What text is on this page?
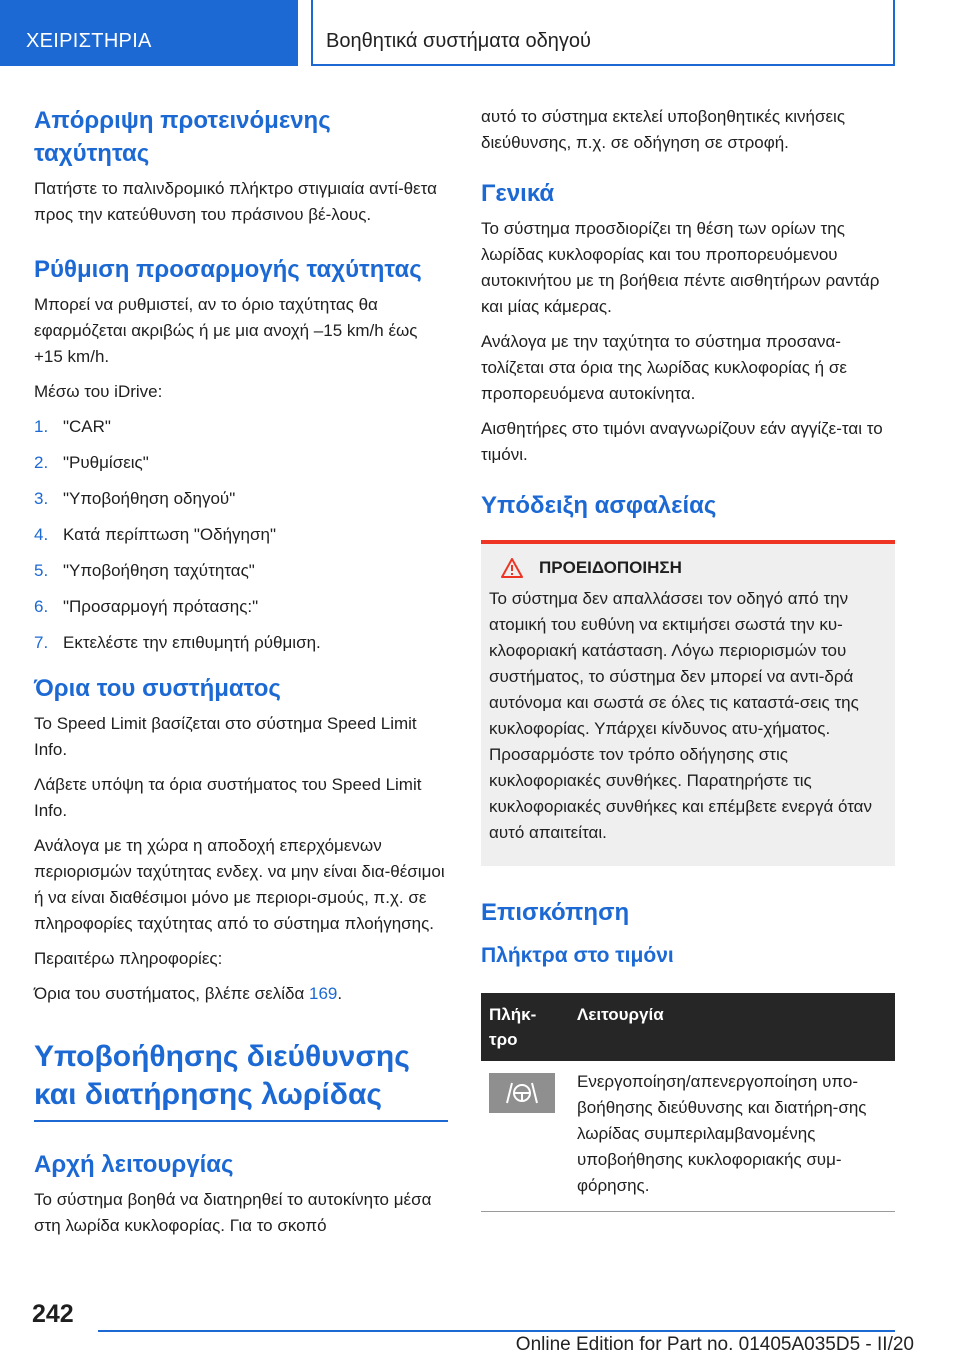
ΧΕΙΡΙΣΤΗΡΙΑ	Βοηθητικά συστήματα οδηγού
Απόρριψη προτεινόμενης ταχύτητας

Πατήστε το παλινδρομικό πλήκτρο στιγμιαία αντί-θετα προς την κατεύθυνση του πράσινου βέ-λους.

Ρύθμιση προσαρμογής ταχύτητας

Μπορεί να ρυθμιστεί, αν το όριο ταχύτητας θα εφαρμόζεται ακριβώς ή με μια ανοχή –15 km/h έως +15 km/h.

Μέσω του iDrive:

1. "CAR"
2. "Ρυθμίσεις"
3. "Υποβοήθηση οδηγού"
4. Κατά περίπτωση "Οδήγηση"
5. "Υποβοήθηση ταχύτητας"
6. "Προσαρμογή πρότασης:"
7. Εκτελέστε την επιθυμητή ρύθμιση.
Όρια του συστήματος

Το Speed Limit βασίζεται στο σύστημα Speed Limit Info.

Λάβετε υπόψη τα όρια συστήματος του Speed Limit Info.

Ανάλογα με τη χώρα η αποδοχή επερχόμενων περιορισμών ταχύτητας ενδεχ. να μην είναι δια-θέσιμοι ή να είναι διαθέσιμοι μόνο με περιορι-σμούς, π.χ. σε πληροφορίες ταχύτητας από το σύστημα πλοήγησης.

Περαιτέρω πληροφορίες:

Όρια του συστήματος, βλέπε σελίδα 169.

Υποβοήθησης διεύθυνσης και διατήρησης λωρίδας
Αρχή λειτουργίας

Το σύστημα βοηθά να διατηρηθεί το αυτοκίνητο μέσα στη λωρίδα κυκλοφορίας. Για το σκοπό

αυτό το σύστημα εκτελεί υποβοηθητικές κινήσεις διεύθυνσης, π.χ. σε οδήγηση σε στροφή.

Γενικά

Το σύστημα προσδιορίζει τη θέση των ορίων της λωρίδας κυκλοφορίας και του προπορευόμενου αυτοκινήτου με τη βοήθεια πέντε αισθητήρων ραντάρ και μίας κάμερας.

Ανάλογα με την ταχύτητα το σύστημα προσανα-τολίζεται στα όρια της λωρίδας κυκλοφορίας ή σε προπορευόμενα αυτοκίνητα.

Αισθητήρες στο τιμόνι αναγνωρίζουν εάν αγγίζε-ται το τιμόνι.

Υπόδειξη ασφαλείας
ΠΡΟΕΙΔΟΠΟΙΗΣΗ

Το σύστημα δεν απαλλάσσει τον οδηγό από την ατομική του ευθύνη να εκτιμήσει σωστά την κυ-κλοφοριακή κατάσταση. Λόγω περιορισμών του συστήματος, το σύστημα δεν μπορεί να αντι-δρά αυτόνομα και σωστά σε όλες τις καταστά-σεις της κυκλοφορίας. Υπάρχει κίνδυνος ατυ-χήματος. Προσαρμόστε τον τρόπο οδήγησης στις κυκλοφοριακές συνθήκες. Παρατηρήστε τις κυκλοφοριακές συνθήκες και επέμβετε ενεργά όταν αυτό απαιτείται.

Επισκόπηση
Πλήκτρα στο τιμόνι
Πλήκ-τρο	Λειτουργία

	Ενεργοποίηση/απενεργοποίηση υπο-βοήθησης διεύθυνσης και διατήρη-σης λωρίδας συμπεριλαμβανομένης υποβοήθησης κυκλοφοριακής συμ-φόρησης.
242
Online Edition for Part no. 01405A035D5 - II/20
